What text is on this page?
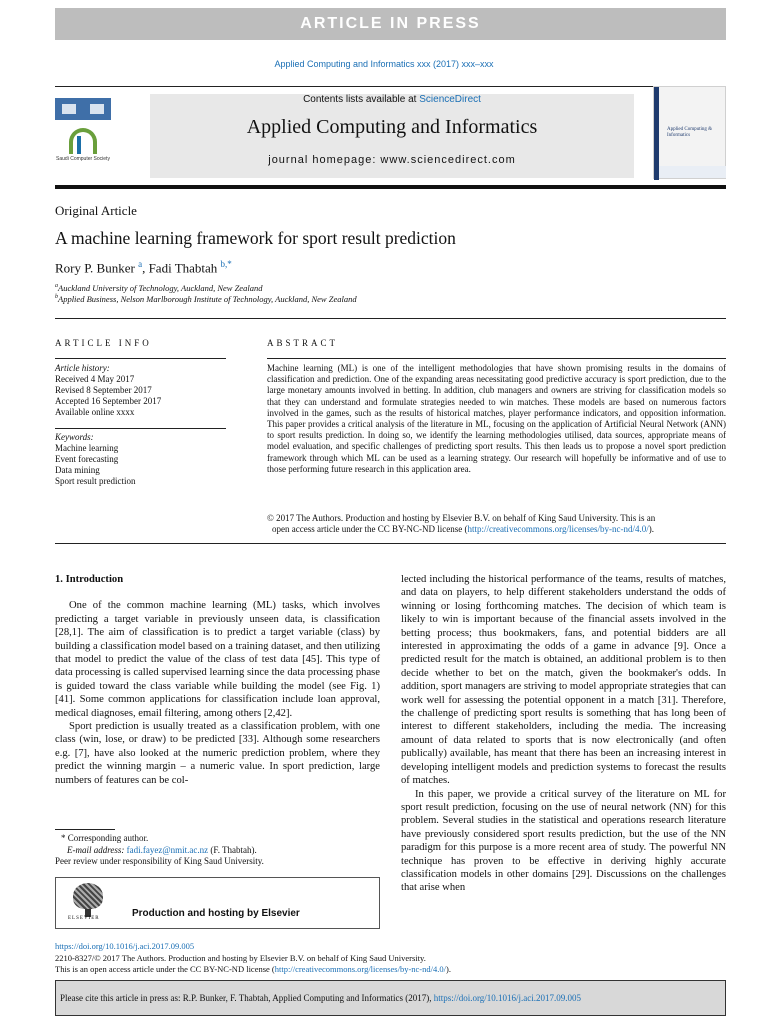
ARTICLE IN PRESS
Applied Computing and Informatics xxx (2017) xxx–xxx
Saudi Computer Society
Contents lists available at ScienceDirect
Applied Computing and Informatics
journal homepage: www.sciencedirect.com
Applied Computing & Informatics
Original Article
A machine learning framework for sport result prediction
Rory P. Bunker $^a$, Fadi Thabtah $^{b,*}$
$^a$Auckland University of Technology, Auckland, New Zealand
$^b$Applied Business, Nelson Marlborough Institute of Technology, Auckland, New Zealand
ARTICLE INFO	ABSTRACT
Article history:
Received 4 May 2017
Revised 8 September 2017
Accepted 16 September 2017
Available online xxxx
Keywords:
Machine learning
Event forecasting
Data mining
Sport result prediction
Machine learning (ML) is one of the intelligent methodologies that have shown promising results in the domains of classification and prediction. One of the expanding areas necessitating good predictive accuracy is sport prediction, due to the large monetary amounts involved in betting. In addition, club managers and owners are striving for classification models so that they can understand and formulate strategies needed to win matches. These models are based on numerous factors involved in the games, such as the results of historical matches, player performance indicators, and opposition information. This paper provides a critical analysis of the literature in ML, focusing on the application of Artificial Neural Network (ANN) to sport results prediction. In doing so, we identify the learning methodologies utilised, data sources, appropriate means of model evaluation, and specific challenges of predicting sport results. This then leads us to propose a novel sport prediction framework through which ML can be used as a learning strategy. Our research will hopefully be informative and of use to those performing future research in this application area.
© 2017 The Authors. Production and hosting by Elsevier B.V. on behalf of King Saud University. This is an
open access article under the CC BY-NC-ND license (http://creativecommons.org/licenses/by-nc-nd/4.0/).
1. Introduction

One of the common machine learning (ML) tasks, which involves predicting a target variable in previously unseen data, is classification [28,1]. The aim of classification is to predict a target variable (class) by building a classification model based on a training dataset, and then utilizing that model to predict the value of the class of test data [45]. This type of data processing is called supervised learning since the data processing phase is guided toward the class variable while building the model (see Fig. 1) [41]. Some common applications for classification include loan approval, medical diagnoses, email filtering, among others [2,42].

Sport prediction is usually treated as a classification problem, with one class (win, lose, or draw) to be predicted [33]. Although some researchers e.g. [7], have also looked at the numeric prediction problem, where they predict the winning margin – a numeric value. In sport prediction, large numbers of features can be col-

lected including the historical performance of the teams, results of matches, and data on players, to help different stakeholders understand the odds of winning or losing forthcoming matches. The decision of which team is likely to win is important because of the financial assets involved in the betting process; thus bookmakers, fans, and potential bidders are all interested in approximating the odds of a game in advance [9]. Once a predicted result for the match is obtained, an additional problem is to then decide whether to bet on the match, given the bookmaker's odds. In addition, sport managers are striving to model appropriate strategies that can work well for assessing the potential opponent in a match [31]. Therefore, the challenge of predicting sport results is something that has long been of interest to different stakeholders, including the media. The increasing amount of data related to sports that is now electronically (and often publically) available, has meant that there has been an increasing interest in developing intelligent models and prediction systems to forecast the results of matches.

In this paper, we provide a critical survey of the literature on ML for sport result prediction, focusing on the use of neural network (NN) for this problem. Several studies in the statistical and operations research literature have previously considered sport results prediction, but the use of the NN paradigm for this purpose is a more recent area of study. The powerful NN technique has proven to be effective in deriving highly accurate classification models in other domains [29]. Discussions on the challenges that arise when

* Corresponding author.
E-mail address: fadi.fayez@nmit.ac.nz (F. Thabtah).
Peer review under responsibility of King Saud University.
ELSEVIER	Production and hosting by Elsevier
https://doi.org/10.1016/j.aci.2017.09.005
2210-8327/© 2017 The Authors. Production and hosting by Elsevier B.V. on behalf of King Saud University.
This is an open access article under the CC BY-NC-ND license (http://creativecommons.org/licenses/by-nc-nd/4.0/).
Please cite this article in press as: R.P. Bunker, F. Thabtah, Applied Computing and Informatics (2017), https://doi.org/10.1016/j.aci.2017.09.005
